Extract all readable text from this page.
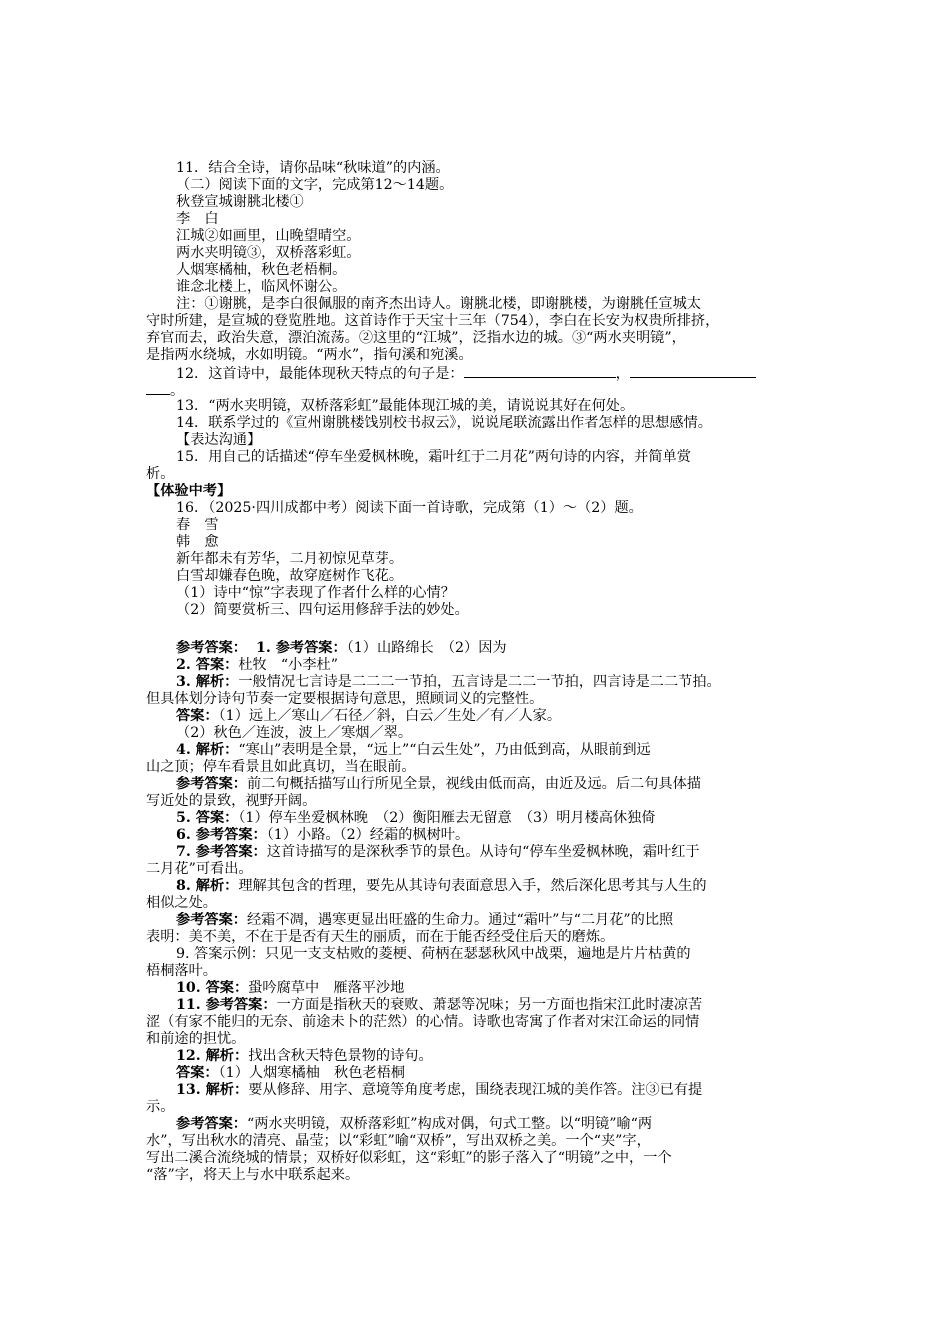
11．结合全诗，请你品味“秋味道”的内涵。
（二）阅读下面的文字，完成第12～14题。
秋登宣城谢脁北楼①
李　白
江城②如画里，山晚望晴空。
两水夹明镜③，双桥落彩虹。
人烟寒橘柚，秋色老梧桐。
谁念北楼上，临风怀谢公。
注：①谢脁，是李白很佩服的南齐杰出诗人。谢脁北楼，即谢脁楼，为谢脁任宣城太
守时所建，是宣城的登览胜地。这首诗作于天宝十三年（754），李白在长安为权贵所排挤，
弃官而去，政治失意，漂泊流荡。②这里的“江城”，泛指水边的城。③“两水夹明镜”，
是指两水绕城，水如明镜。“两水”，指句溪和宛溪。
12．这首诗中，最能体现秋天特点的句子是：	，
。
13．“两水夹明镜，双桥落彩虹”最能体现江城的美，请说说其好在何处。
14．联系学过的《宣州谢朓楼饯别校书叔云》，说说尾联流露出作者怎样的思想感情。
【表达沟通】
15．用自己的话描述“停车坐爱枫林晚，霜叶红于二月花”两句诗的内容，并简单赏
析。
【体验中考】
16．（2025·四川成都中考）阅读下面一首诗歌，完成第（1）～（2）题。
春　雪
韩　愈
新年都未有芳华，二月初惊见草芽。
白雪却嫌春色晚，故穿庭树作飞花。
（1）诗中“惊”字表现了作者什么样的心情？
（2）简要赏析三、四句运用修辞手法的妙处。
参考答案： 1. 参考答案：（1）山路绵长　（2）因为
2. 答案：杜牧　“小李杜”
3. 解析：一般情况七言诗是二二二一节拍，五言诗是二二一节拍，四言诗是二二节拍。
但具体划分诗句节奏一定要根据诗句意思，照顾词义的完整性。
答案：（1）远上／寒山／石径／斜，白云／生处／有／人家。
（2）秋色／连波，波上／寒烟／翠。
4. 解析：“寒山”表明是全景，“远上”“白云生处”，乃由低到高，从眼前到远
山之顶；停车看景且如此真切，当在眼前。
参考答案：前二句概括描写山行所见全景，视线由低而高，由近及远。后二句具体描
写近处的景致，视野开阔。
5. 答案：（1）停车坐爱枫林晚　（2）衡阳雁去无留意　（3）明月楼高休独倚
6. 参考答案：（1）小路。（2）经霜的枫树叶。
7. 参考答案：这首诗描写的是深秋季节的景色。从诗句“停车坐爱枫林晚，霜叶红于
二月花”可看出。
8. 解析：理解其包含的哲理，要先从其诗句表面意思入手，然后深化思考其与人生的
相似之处。
参考答案：经霜不凋，遇寒更显出旺盛的生命力。通过“霜叶”与“二月花”的比照
表明：美不美，不在于是否有天生的丽质，而在于能否经受住后天的磨炼。
9. 答案示例：只见一支支枯败的菱梗、荷柄在瑟瑟秋风中战栗，遍地是片片枯黄的
梧桐落叶。
10. 答案：蛩吟腐草中　雁落平沙地
11. 参考答案：一方面是指秋天的衰败、萧瑟等况味；另一方面也指宋江此时凄凉苦
涩（有家不能归的无奈、前途未卜的茫然）的心情。诗歌也寄寓了作者对宋江命运的同情
和前途的担忧。
12. 解析：找出含秋天特色景物的诗句。
答案：（1）人烟寒橘柚　秋色老梧桐
13. 解析：要从修辞、用字、意境等角度考虑，围绕表现江城的美作答。注③已有提
示。
参考答案：“两水夹明镜，双桥落彩虹”构成对偶，句式工整。以“明镜”喻“两
水”，写出秋水的清亮、晶莹；以“彩虹”喻“双桥”，写出双桥之美。一个“夹”字，
写出二溪合流绕城的情景；双桥好似彩虹，这“彩虹”的影子落入了“明镜”之中，一个
“落”字，将天上与水中联系起来。
